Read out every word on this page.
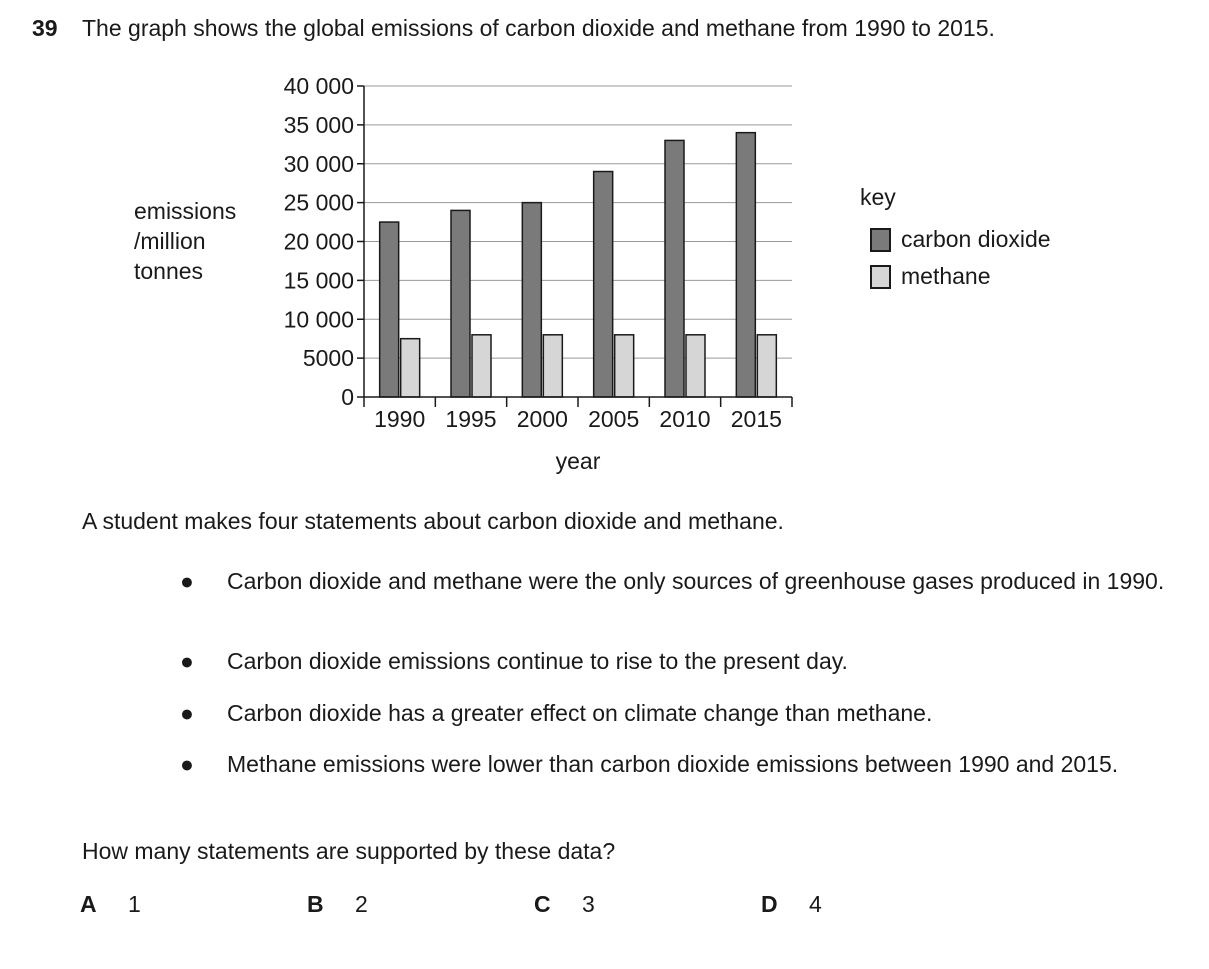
39 The graph shows the global emissions of carbon dioxide and methane from 1990 to 2015.
0
5000
10 000
15 000
20 000
25 000
30 000
35 000
40 000
1990 1995 2000 2005 2010 2015
year
emissions
/million
tonnes
key
carbon dioxide
methane
A student makes four statements about carbon dioxide and methane.
● Carbon dioxide and methane were the only sources of greenhouse gases produced in 1990.
● Carbon dioxide emissions continue to rise to the present day.
● Carbon dioxide has a greater effect on climate change than methane.
● Methane emissions were lower than carbon dioxide emissions between 1990 and 2015.
How many statements are supported by these data?
A 1	B 2	C 3	D 4
